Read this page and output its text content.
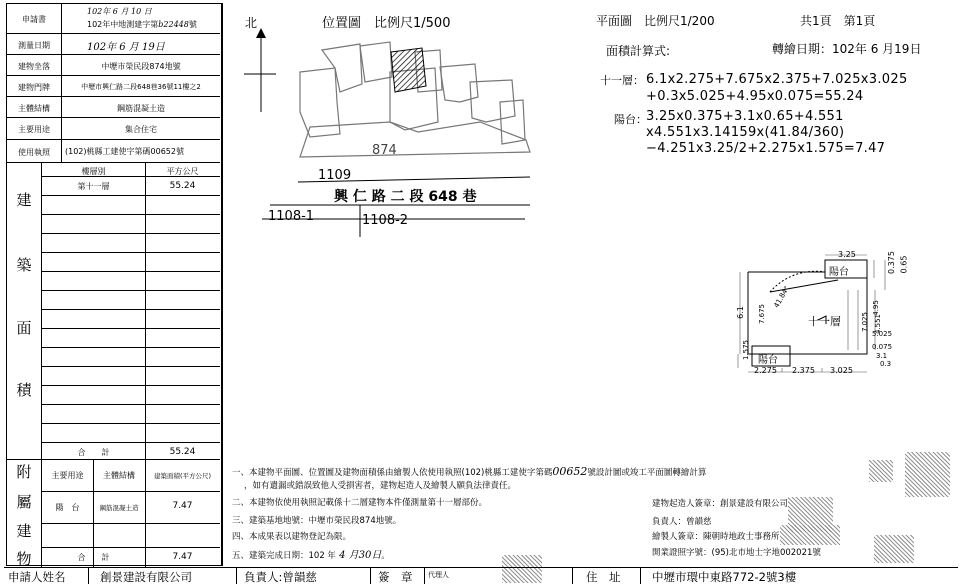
申請書
102年 6 月 10 日
102年中地測建字第b22448號
測量日期	102年 6 月 19日
建物坐落	中壢市榮民段874地號
建物門牌	中壢市興仁路二段648巷36號11樓之2
主體結構	鋼筋混凝土造
主要用途	集合住宅
使用執照	(102)桃縣工建使字第碼00652號
樓層別	平方公尺
第十一層	55.24
建
築
面
積
合　　計	55.24
主要用途	主體結構	建築面積(平方公尺)
陽　台	鋼筋混凝土造	7.47
合　　計	7.47
附
屬
建
物
位置圖　比例尺1/500
北
874
1109
興 仁 路 二 段 648 巷
1108-1	1108-2
平面圖　比例尺1/200	共1頁　第1頁
面積計算式:	轉繪日期：102年 6 月19日
十一層： 6.1x2.275+7.675x2.375+7.025x3.025
+0.3x5.025+4.95x0.075=55.24
陽台： 3.25x0.375+3.1x0.65+4.551
x4.551x3.14159x(41.84/360)
−4.251x3.25/2+2.275x1.575=7.47
3.25	0.375 0.65
陽台
6.1 7.675	7.025
4.95
4.551
5.025
0.075
3.1
0.3
41.84°
十一層
陽台
1.575
2.275 2.375 3.025
一、本建物平面圖、位置圖及建物面積係由繪製人依使用執照(102)桃縣工建使字第碼00652號設計圖或竣工平面圖轉繪計算
，如有遺漏或錯誤致他人受損害者，建物起造人及繪製人願負法律責任。
二、本建物依使用執照記載係十二層建物本件僅測量第十一層部份。
三、建築基地地號：中壢市榮民段874地號。
四、本成果表以建物登記為限。
五、建築完成日期：102 年 4 月30日。
建物起造人簽章：創景建設有限公司
負責人：曾韻慈
繪製人簽章：陳朝時地政士事務所
開業證照字號：(95)北市地士字地002021號
申請人姓名	創景建設有限公司	負責人:曾韻慈	簽　章 代理人	住　址	中壢市環中東路772-2號3樓
